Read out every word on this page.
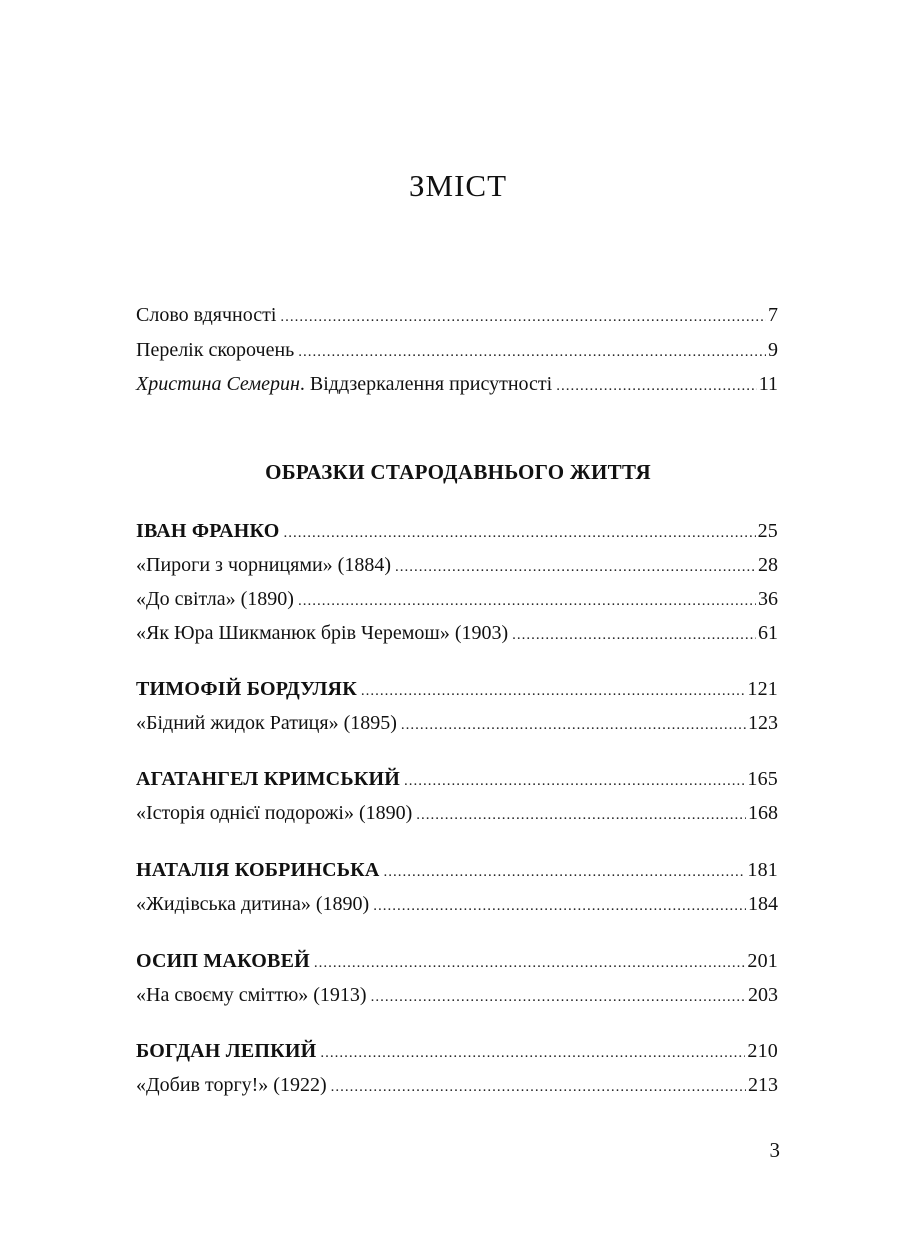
ЗМІСТ
Слово вдячності .....	7
Перелік скорочень .....	9
Христина Семерин. Віддзеркалення присутності .....	11
ОБРАЗКИ СТАРОДАВНЬОГО ЖИТТЯ
ІВАН ФРАНКО .....	25
«Пироги з чорницями» (1884) .....	28
«До світла» (1890) .....	36
«Як Юра Шикманюк брів Черемош» (1903) .....	61
ТИМОФІЙ БОРДУЛЯК .....	121
«Бідний жидок Ратиця» (1895) .....	123
АГАТАНГЕЛ КРИМСЬКИЙ .....	165
«Історія однієї подорожі» (1890) .....	168
НАТАЛІЯ КОБРИНСЬКА .....	181
«Жидівська дитина» (1890) .....	184
ОСИП МАКОВЕЙ .....	201
«На своєму сміттю» (1913) .....	203
БОГДАН ЛЕПКИЙ .....	210
«Добив торгу!» (1922) .....	213
3
